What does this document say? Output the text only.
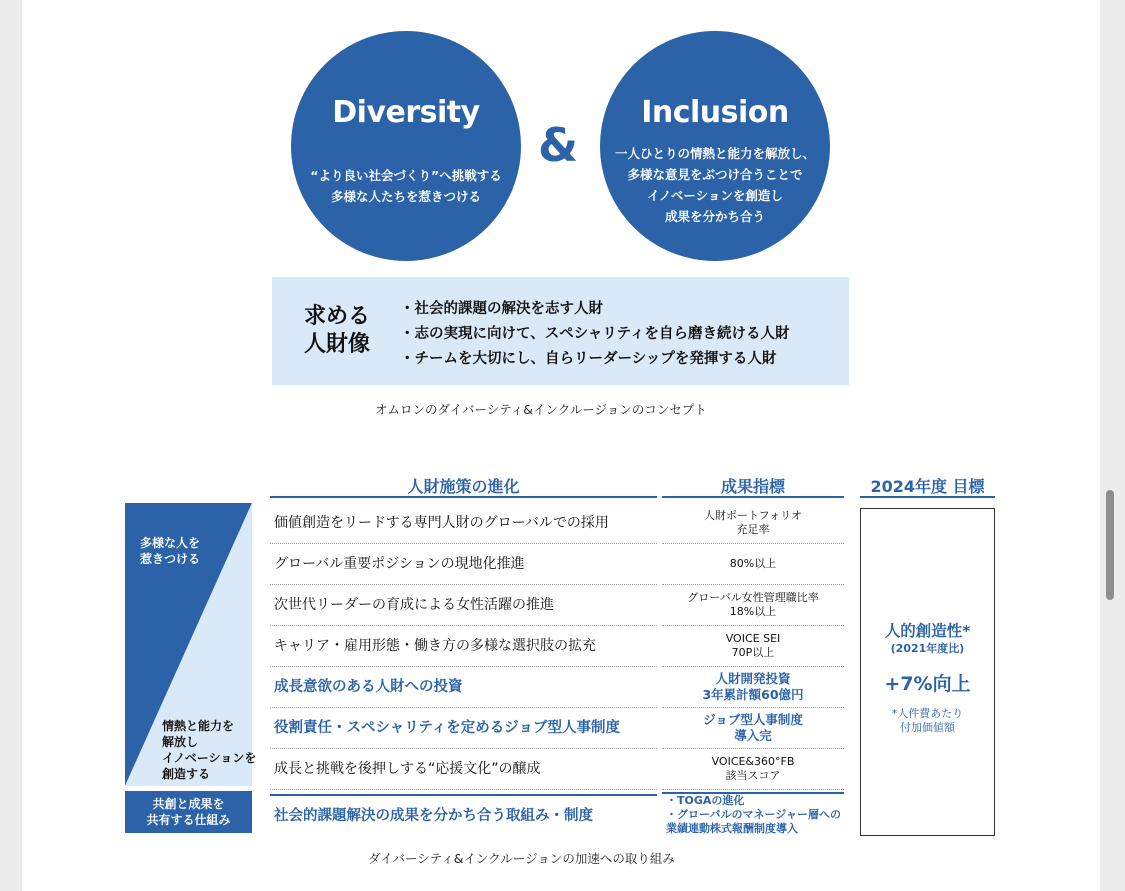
Diversity
“より良い社会づくり”へ挑戦する
多様な人たちを惹きつける
&
Inclusion
一人ひとりの情熱と能力を解放し、
多様な意見をぶつけ合うことで
イノベーションを創造し
成果を分かち合う
求める
人財像
・社会的課題の解決を志す人財
・志の実現に向けて、スペシャリティを自ら磨き続ける人財
・チームを大切にし、自らリーダーシップを発揮する人財
オムロンのダイバーシティ&インクルージョンのコンセプト
人財施策の進化	成果指標	2024年度 目標
多様な人を
惹きつける
情熱と能力を
解放し
イノベーションを
創造する
共創と成果を
共有する仕組み
価値創造をリードする専門人財のグローバルでの採用
グローバル重要ポジションの現地化推進
次世代リーダーの育成による女性活躍の推進
キャリア・雇用形態・働き方の多様な選択肢の拡充
成長意欲のある人財への投資
役割責任・スペシャリティを定めるジョブ型人事制度
成長と挑戦を後押しする“応援文化”の醸成
社会的課題解決の成果を分かち合う取組み・制度
人財ポートフォリオ
充足率
80%以上
グローバル女性管理職比率
18%以上
VOICE SEI
70P以上
人財開発投資
3年累計額60億円
ジョブ型人事制度
導入完
VOICE&360°FB
該当スコア
・TOGAの進化
・グローバルのマネージャー層への
業績連動株式報酬制度導入
人的創造性*
(2021年度比)
+7%向上
*人件費あたり
付加価値額
ダイバーシティ&インクルージョンの加速への取り組み
